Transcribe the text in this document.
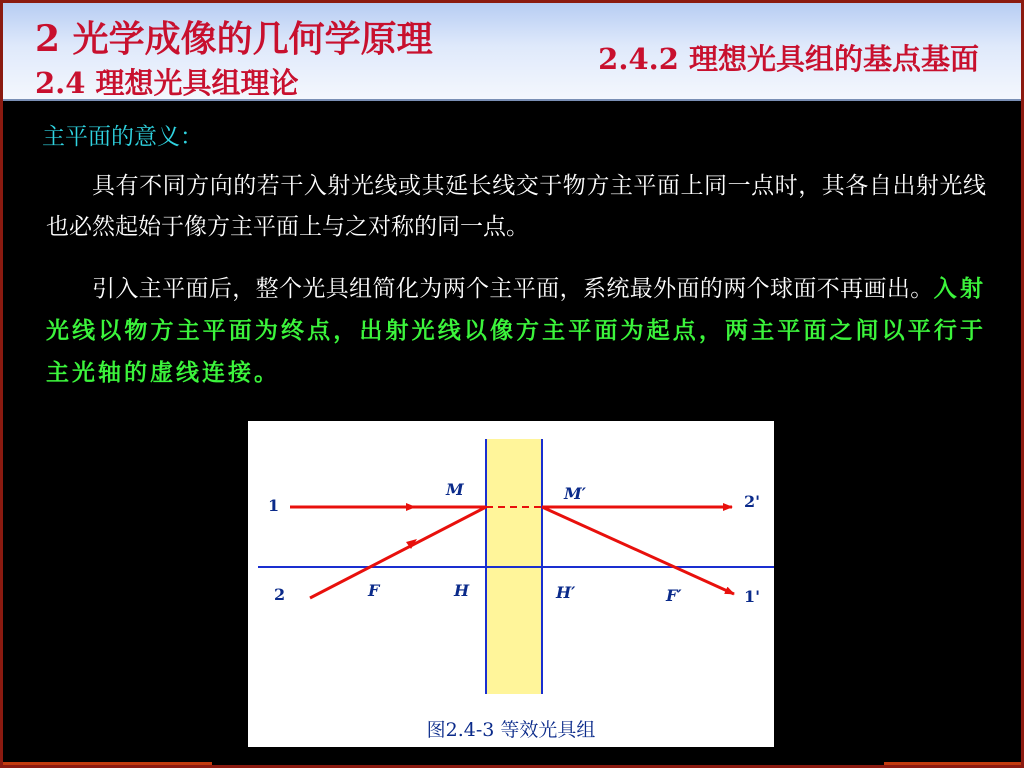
2 光学成像的几何学原理
2.4 理想光具组理论
2.4.2 理想光具组的基点基面
主平面的意义：
具有不同方向的若干入射光线或其延长线交于物方主平面上同一点时，其各自出射光线也必然起始于像方主平面上与之对称的同一点。
引入主平面后，整个光具组简化为两个主平面，系统最外面的两个球面不再画出。入射光线以物方主平面为终点，出射光线以像方主平面为起点，两主平面之间以平行于主光轴的虚线连接。
1
2
2'
1'
M	M′
H	H′
F	F′
图2.4-3 等效光具组
